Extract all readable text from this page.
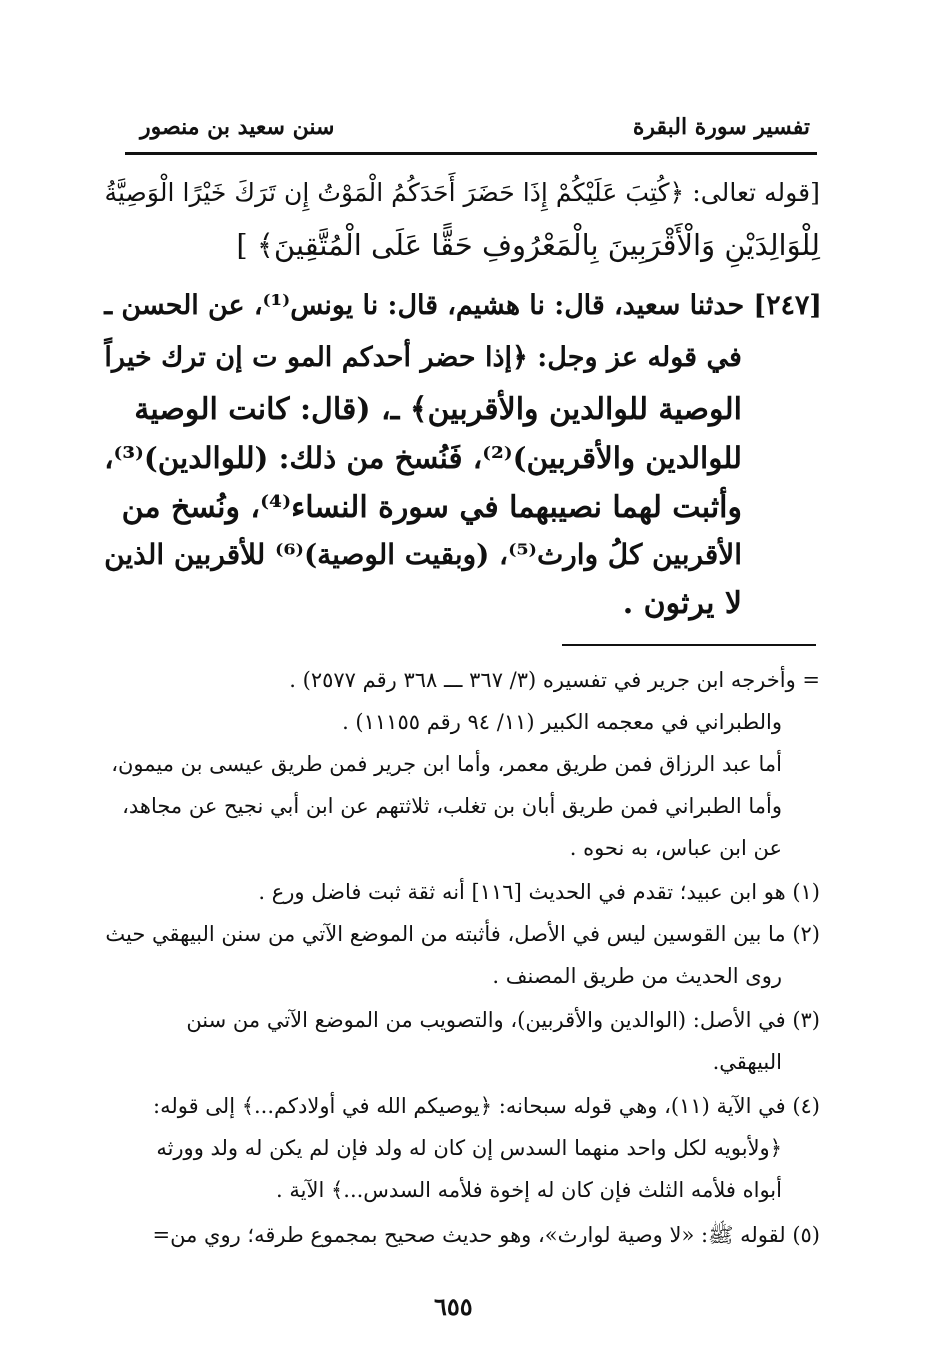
سنن سعيد بن منصور	تفسير سورة البقرة
[قوله تعالى: ﴿كُتِبَ عَلَيْكُمْ إِذَا حَضَرَ أَحَدَكُمُ الْمَوْتُ إِن تَرَكَ خَيْرًا الْوَصِيَّةُ
لِلْوَالِدَيْنِ وَالْأَقْرَبِينَ بِالْمَعْرُوفِ حَقًّا عَلَى الْمُتَّقِينَ﴾ ]
[٢٤٧] حدثنا سعيد، قال: نا هشيم، قال: نا يونس⁽¹⁾، عن الحسن ـ
في قوله عز وجل: ﴿إذا حضر أحدكم المو ت إن ترك خيراً
الوصية للوالدين والأقربين﴾ ـ، (قال: كانت الوصية
للوالدين والأقربين)⁽²⁾، فَنُسخ من ذلك: (للوالدين)⁽³⁾،
وأثبت لهما نصيبهما في سورة النساء⁽⁴⁾، ونُسخ من
الأقربين كلُ وارث⁽⁵⁾، (وبقيت الوصية)⁽⁶⁾ للأقربين الذين
لا يرثون .
= وأخرجه ابن جرير في تفسيره (٣/ ٣٦٧ ـــ ٣٦٨ رقم ٢٥٧٧) .
والطبراني في معجمه الكبير (١١/ ٩٤ رقم ١١١٥٥) .
أما عبد الرزاق فمن طريق معمر، وأما ابن جرير فمن طريق عيسى بن ميمون،
وأما الطبراني فمن طريق أبان بن تغلب، ثلاثتهم عن ابن أبي نجيح عن مجاهد،
عن ابن عباس، به نحوه .
(١) هو ابن عبيد؛ تقدم في الحديث [١١٦] أنه ثقة ثبت فاضل ورع .
(٢) ما بين القوسين ليس في الأصل، فأثبته من الموضع الآتي من سنن البيهقي حيث
روى الحديث من طريق المصنف .
(٣) في الأصل: (الوالدين والأقربين)، والتصويب من الموضع الآتي من سنن
البيهقي.
(٤) في الآية (١١)، وهي قوله سبحانه: ﴿يوصيكم الله في أولادكم...﴾ إلى قوله:
﴿ولأبويه لكل واحد منهما السدس إن كان له ولد فإن لم يكن له ولد وورثه
أبواه فلأمه الثلث فإن كان له إخوة فلأمه السدس...﴾ الآية .
(٥) لقوله ﷺ: «لا وصية لوارث»، وهو حديث صحيح بمجموع طرقه؛ روي من=
٦٥٥
